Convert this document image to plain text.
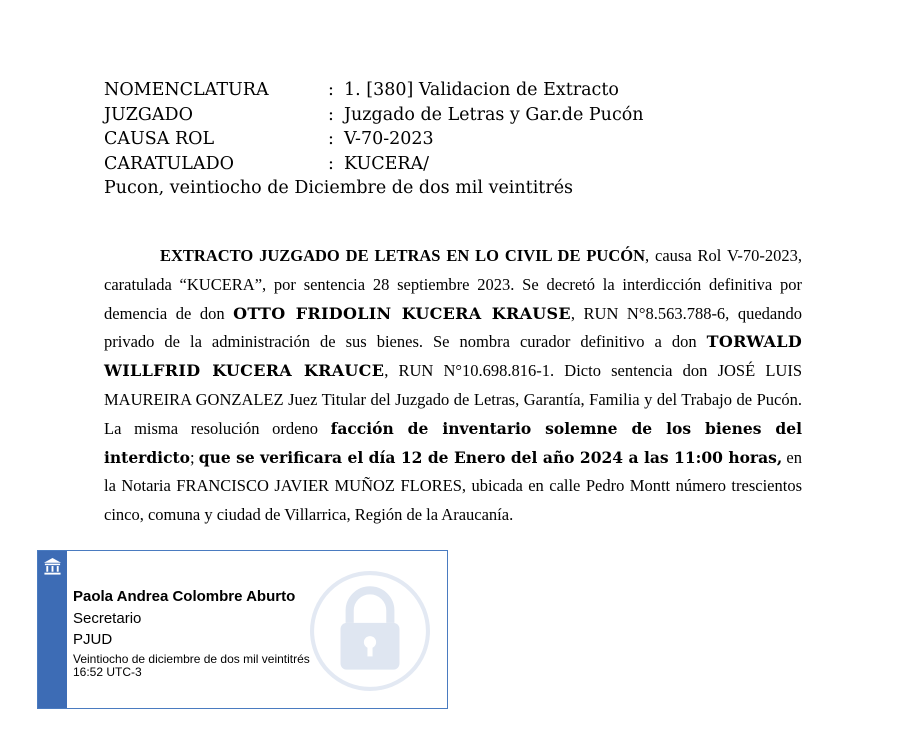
NOMENCLATURA	: 1. [380] Validacion de Extracto
JUZGADO	: Juzgado de Letras y Gar.de Pucón
CAUSA ROL	: V-70-2023
CARATULADO	: KUCERA/
Pucon, veintiocho de Diciembre de dos mil veintitrés

EXTRACTO JUZGADO DE LETRAS EN LO CIVIL DE PUCÓN, causa Rol V-70-2023, caratulada “KUCERA”, por sentencia 28 septiembre 2023. Se decretó la interdicción definitiva por demencia de don OTTO FRIDOLIN KUCERA KRAUSE, RUN N°8.563.788-6, quedando privado de la administración de sus bienes. Se nombra curador definitivo a don TORWALD WILLFRID KUCERA KRAUCE, RUN N°10.698.816-1. Dicto sentencia don JOSÉ LUIS MAUREIRA GONZALEZ Juez Titular del Juzgado de Letras, Garantía, Familia y del Trabajo de Pucón. La misma resolución ordeno facción de inventario solemne de los bienes del interdicto; que se verificara el día 12 de Enero del año 2024 a las 11:00 horas, en la Notaria FRANCISCO JAVIER MUÑOZ FLORES, ubicada en calle Pedro Montt número trescientos cinco, comuna y ciudad de Villarrica, Región de la Araucanía.

Paola Andrea Colombre Aburto
Secretario
PJUD
Veintiocho de diciembre de dos mil veintitrés
16:52 UTC-3
